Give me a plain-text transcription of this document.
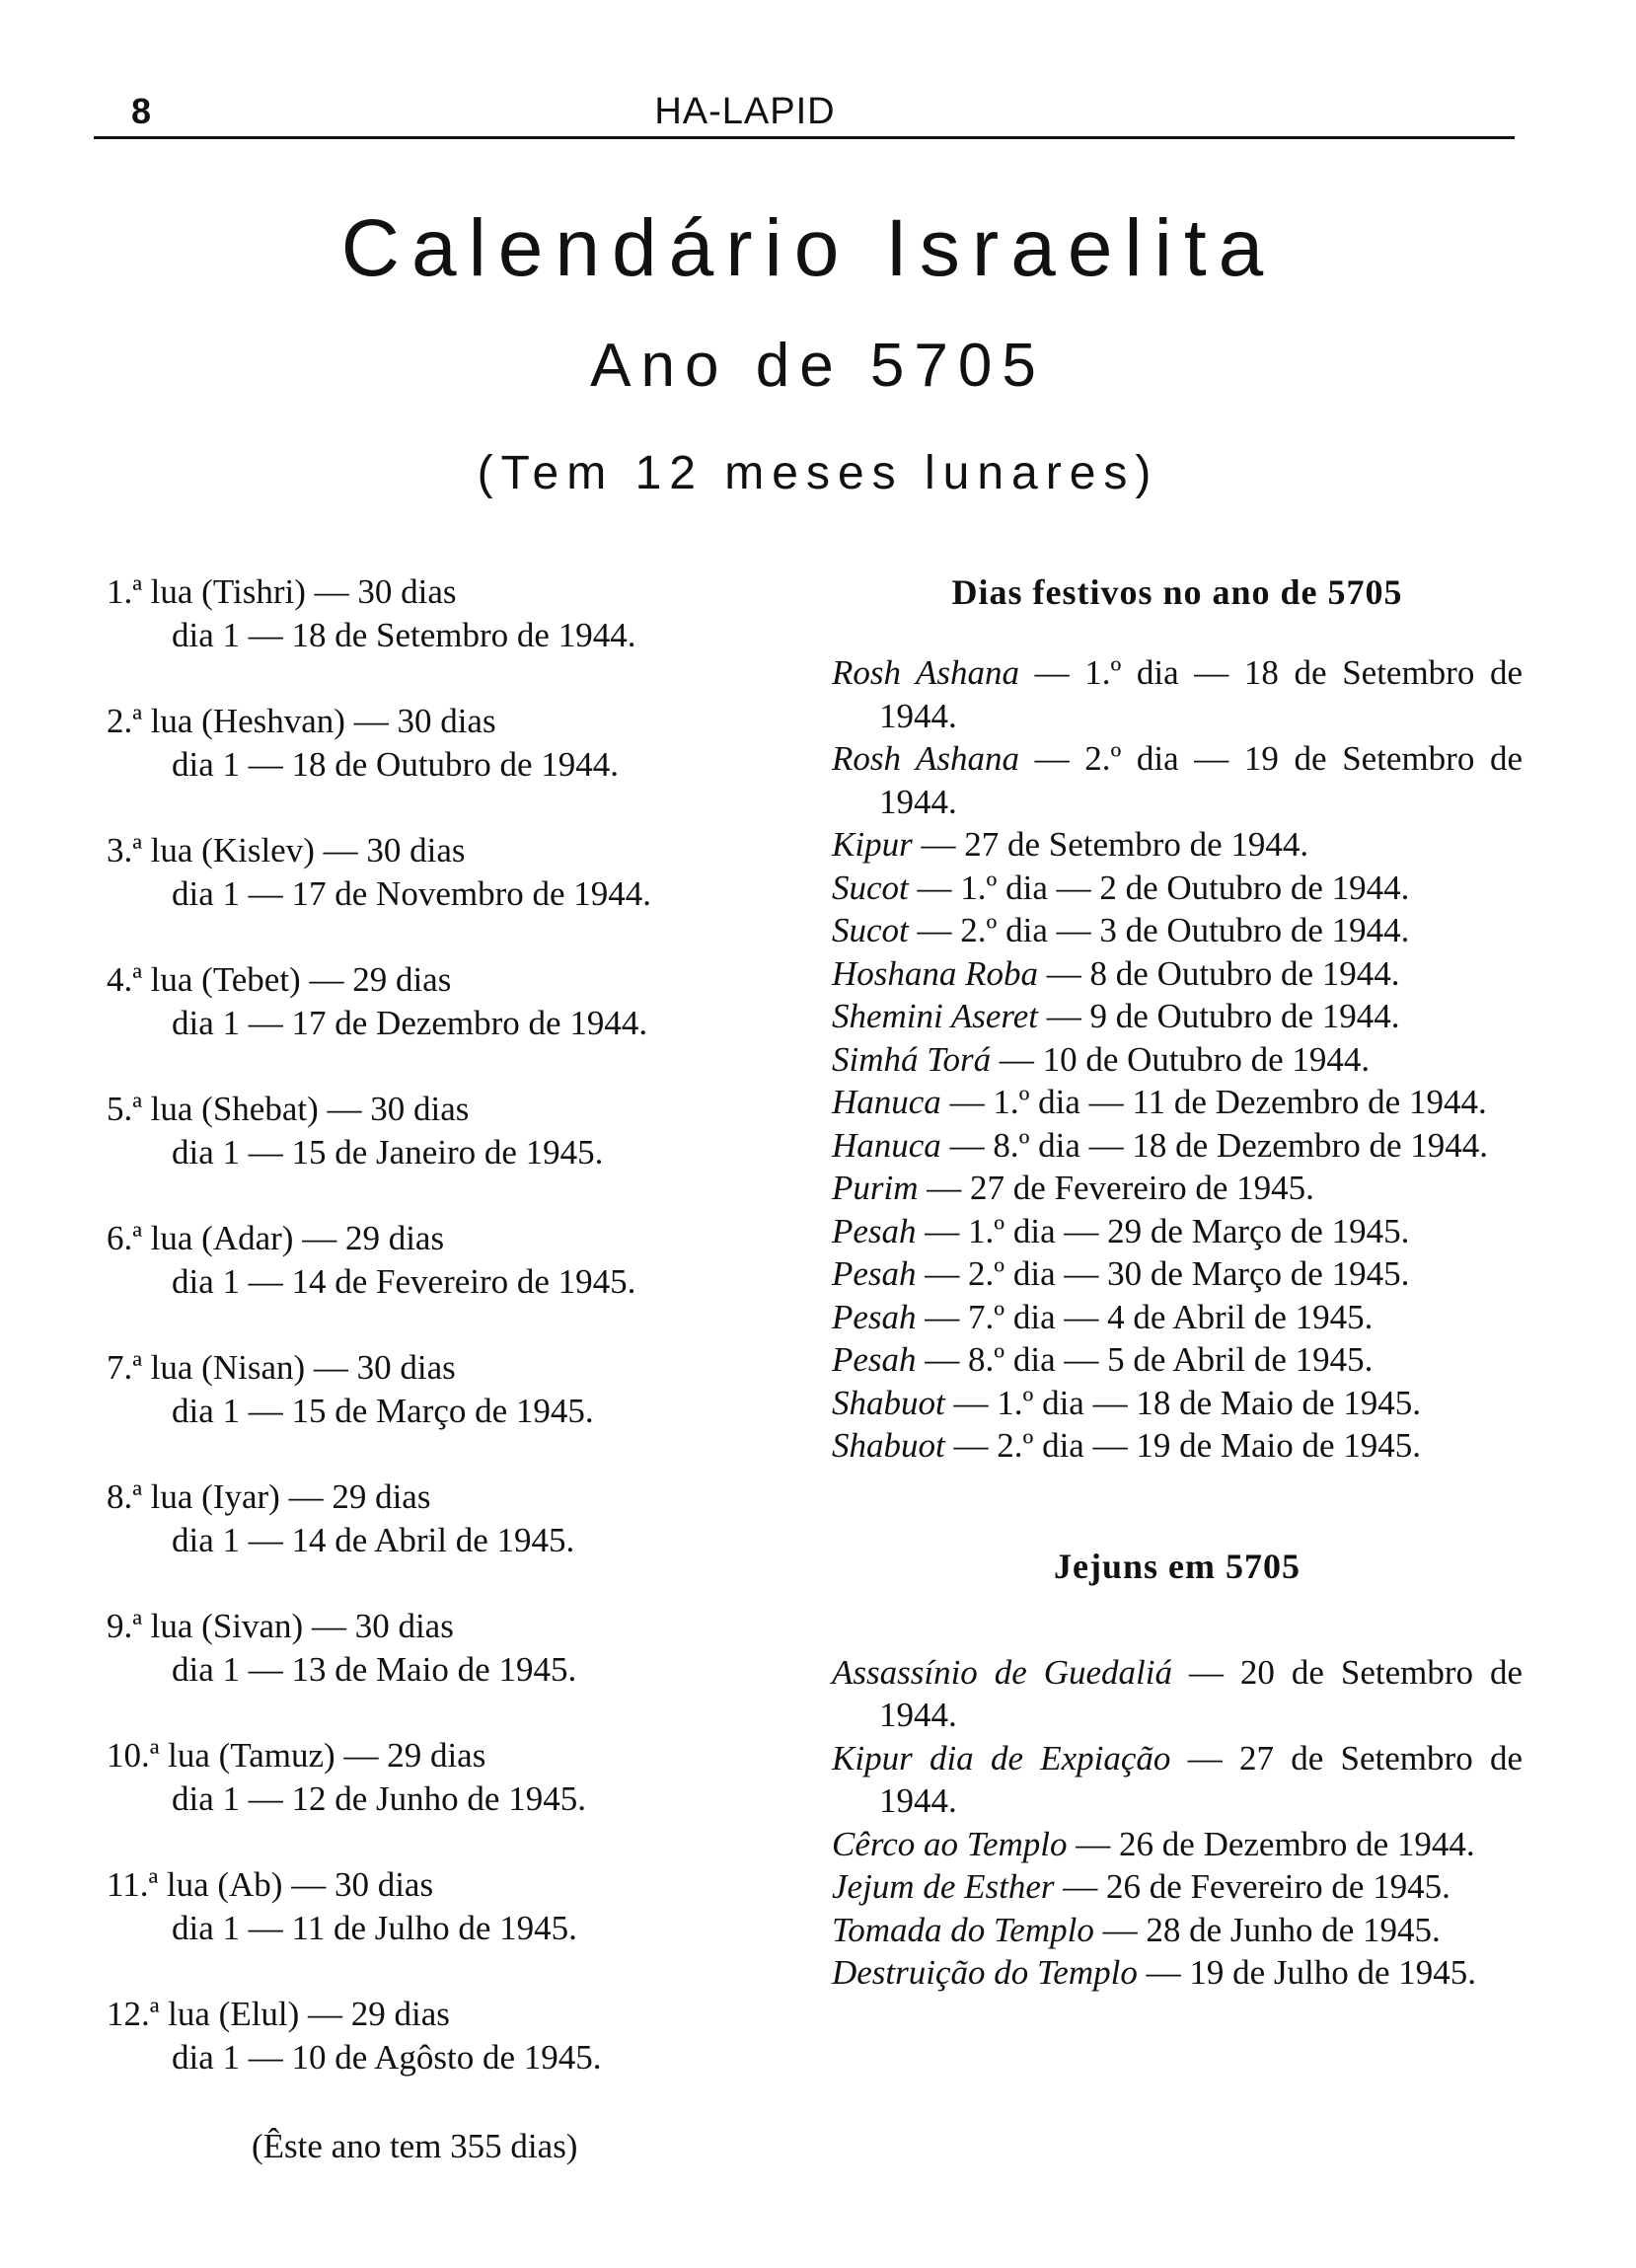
8	HA-LAPID
Calendário Israelita
Ano de 5705
(Tem 12 meses lunares)
1.ª lua (Tishri) — 30 dias
dia 1 — 18 de Setembro de 1944.
2.ª lua (Heshvan) — 30 dias
dia 1 — 18 de Outubro de 1944.
3.ª lua (Kislev) — 30 dias
dia 1 — 17 de Novembro de 1944.
4.ª lua (Tebet) — 29 dias
dia 1 — 17 de Dezembro de 1944.
5.ª lua (Shebat) — 30 dias
dia 1 — 15 de Janeiro de 1945.
6.ª lua (Adar) — 29 dias
dia 1 — 14 de Fevereiro de 1945.
7.ª lua (Nisan) — 30 dias
dia 1 — 15 de Março de 1945.
8.ª lua (Iyar) — 29 dias
dia 1 — 14 de Abril de 1945.
9.ª lua (Sivan) — 30 dias
dia 1 — 13 de Maio de 1945.
10.ª lua (Tamuz) — 29 dias
dia 1 — 12 de Junho de 1945.
11.ª lua (Ab) — 30 dias
dia 1 — 11 de Julho de 1945.
12.ª lua (Elul) — 29 dias
dia 1 — 10 de Agôsto de 1945.
(Êste ano tem 355 dias)
Dias festivos no ano de 5705
Rosh Ashana — 1.º dia — 18 de Setembro de 1944.
Rosh Ashana — 2.º dia — 19 de Setembro de 1944.
Kipur — 27 de Setembro de 1944.
Sucot — 1.º dia — 2 de Outubro de 1944.
Sucot — 2.º dia — 3 de Outubro de 1944.
Hoshana Roba — 8 de Outubro de 1944.
Shemini Aseret — 9 de Outubro de 1944.
Simhá Torá — 10 de Outubro de 1944.
Hanuca — 1.º dia — 11 de Dezembro de 1944.
Hanuca — 8.º dia — 18 de Dezembro de 1944.
Purim — 27 de Fevereiro de 1945.
Pesah — 1.º dia — 29 de Março de 1945.
Pesah — 2.º dia — 30 de Março de 1945.
Pesah — 7.º dia — 4 de Abril de 1945.
Pesah — 8.º dia — 5 de Abril de 1945.
Shabuot — 1.º dia — 18 de Maio de 1945.
Shabuot — 2.º dia — 19 de Maio de 1945.
Jejuns em 5705
Assassínio de Guedaliá — 20 de Setembro de 1944.
Kipur dia de Expiação — 27 de Setembro de 1944.
Cêrco ao Templo — 26 de Dezembro de 1944.
Jejum de Esther — 26 de Fevereiro de 1945.
Tomada do Templo — 28 de Junho de 1945.
Destruição do Templo — 19 de Julho de 1945.
